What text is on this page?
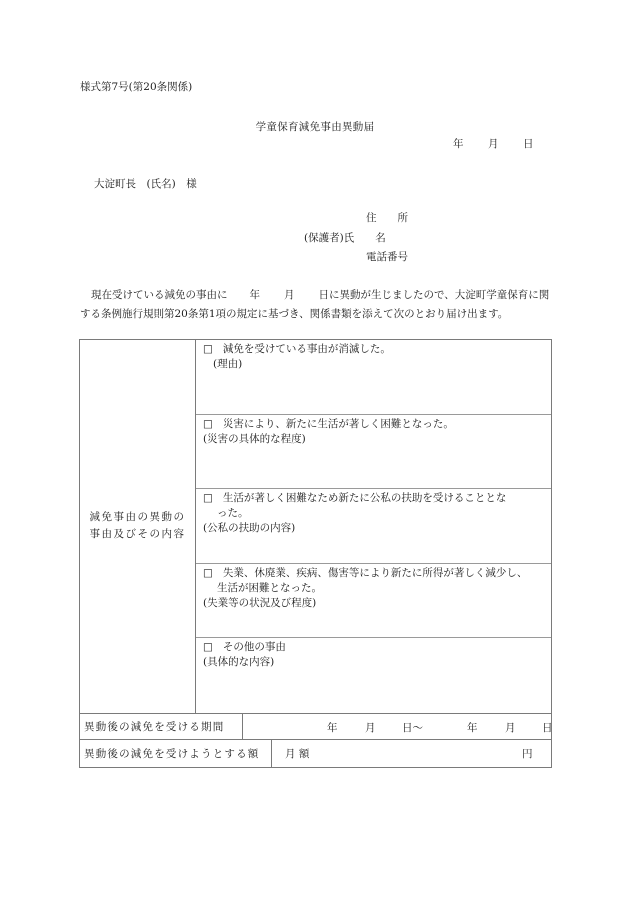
様式第7号(第20条関係)
学童保育減免事由異動届
年 月 日
大淀町長　(氏名)　様
住　　所
(保護者)氏　　名
電話番号
現在受けている減免の事由に 年 月 日に異動が生じましたので、大淀町学童保育に関する条例施行規則第20条第1項の規定に基づき、関係書類を添えて次のとおり届け出ます。
減免事由の異動の
事由及びその内容
□ 減免を受けている事由が消滅した。
(理由)
□ 災害により、新たに生活が著しく困難となった。
(災害の具体的な程度)
□ 生活が著しく困難なため新たに公私の扶助を受けることとな
った。
(公私の扶助の内容)
□ 失業、休廃業、疾病、傷害等により新たに所得が著しく減少し、
生活が困難となった。
(失業等の状況及び程度)
□ その他の事由
(具体的な内容)
異動後の減免を受ける期間	年	月	日〜	年	月	日
異動後の減免を受けようとする額	月 額	円
